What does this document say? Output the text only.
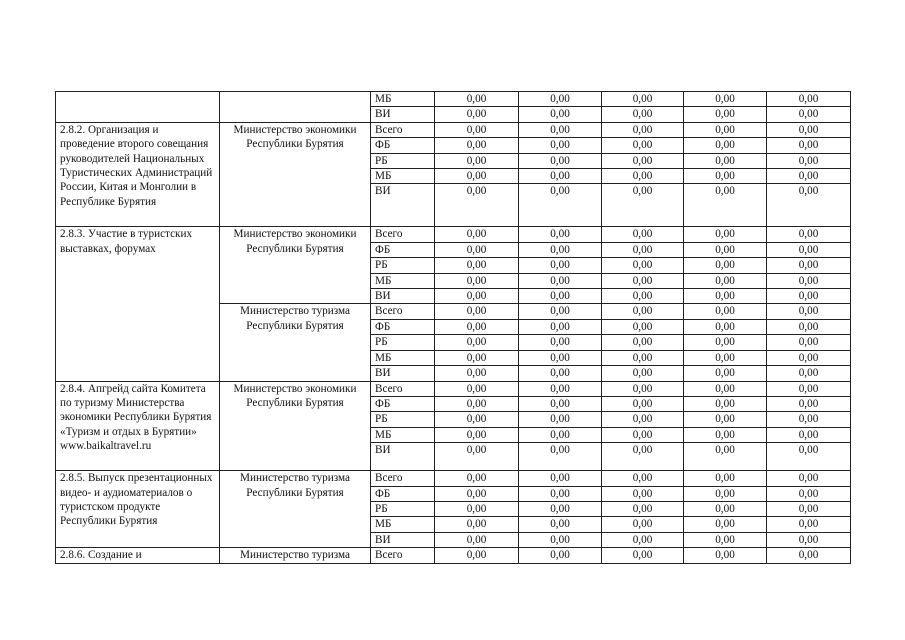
		МБ	0,00	0,00	0,00	0,00	0,00
		ВИ	0,00	0,00	0,00	0,00	0,00
2.8.2. Организация и проведение второго совещания руководителей Национальных Туристических Администраций России, Китая и Монголии в Республике Бурятия	Министерство экономики Республики Бурятия	Всего	0,00	0,00	0,00	0,00	0,00
		ФБ	0,00	0,00	0,00	0,00	0,00
		РБ	0,00	0,00	0,00	0,00	0,00
		МБ	0,00	0,00	0,00	0,00	0,00
		ВИ	0,00	0,00	0,00	0,00	0,00
2.8.3. Участие в туристских выставках, форумах	Министерство экономики Республики Бурятия	Всего	0,00	0,00	0,00	0,00	0,00
		ФБ	0,00	0,00	0,00	0,00	0,00
		РБ	0,00	0,00	0,00	0,00	0,00
		МБ	0,00	0,00	0,00	0,00	0,00
		ВИ	0,00	0,00	0,00	0,00	0,00
	Министерство туризма Республики Бурятия	Всего	0,00	0,00	0,00	0,00	0,00
		ФБ	0,00	0,00	0,00	0,00	0,00
		РБ	0,00	0,00	0,00	0,00	0,00
		МБ	0,00	0,00	0,00	0,00	0,00
		ВИ	0,00	0,00	0,00	0,00	0,00
2.8.4. Апгрейд сайта Комитета по туризму Министерства экономики Республики Бурятия «Туризм и отдых в Бурятии» www.baikaltravel.ru	Министерство экономики Республики Бурятия	Всего	0,00	0,00	0,00	0,00	0,00
		ФБ	0,00	0,00	0,00	0,00	0,00
		РБ	0,00	0,00	0,00	0,00	0,00
		МБ	0,00	0,00	0,00	0,00	0,00
		ВИ	0,00	0,00	0,00	0,00	0,00
2.8.5. Выпуск презентационных видео- и аудиоматериалов о туристском продукте Республики Бурятия	Министерство туризма Республики Бурятия	Всего	0,00	0,00	0,00	0,00	0,00
		ФБ	0,00	0,00	0,00	0,00	0,00
		РБ	0,00	0,00	0,00	0,00	0,00
		МБ	0,00	0,00	0,00	0,00	0,00
		ВИ	0,00	0,00	0,00	0,00	0,00
2.8.6. Создание и	Министерство туризма	Всего	0,00	0,00	0,00	0,00	0,00
